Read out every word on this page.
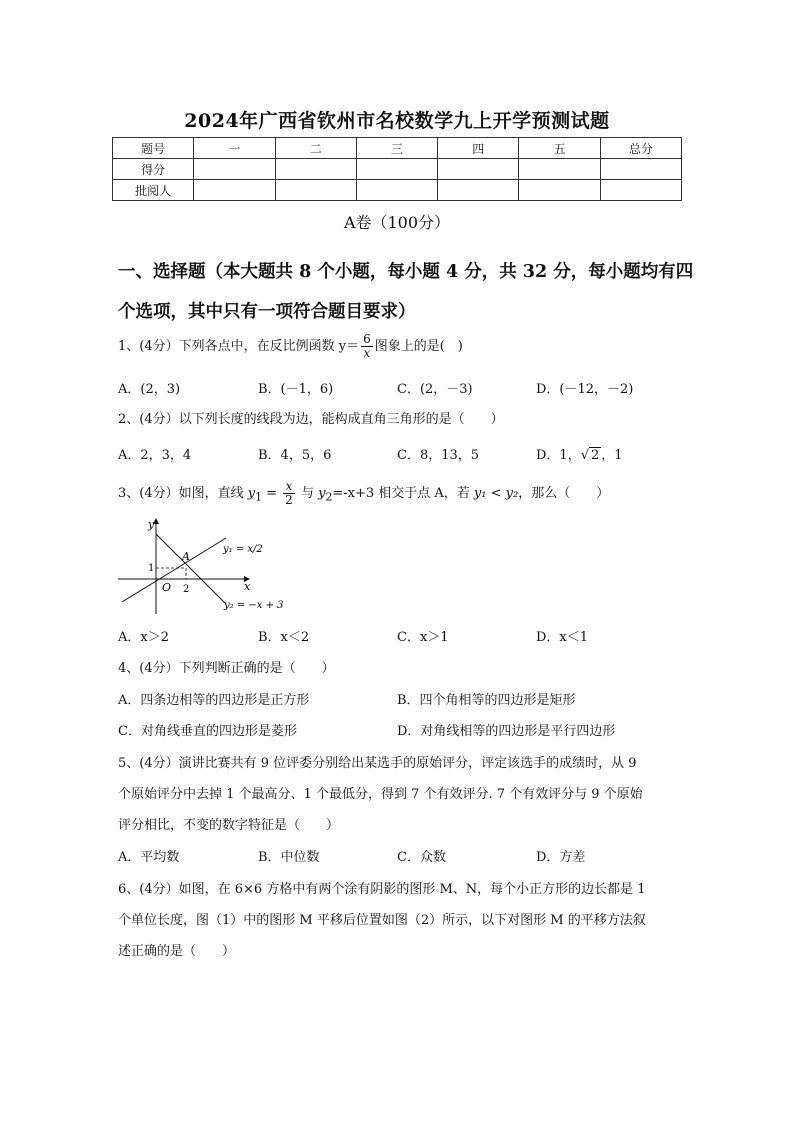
2024年广西省钦州市名校数学九上开学预测试题
题号	一	二	三	四	五	总分
得分						
批阅人						
A卷（100分）
一、选择题（本大题共 8 个小题，每小题 4 分，共 32 分，每小题均有四个选项，其中只有一项符合题目要求）
1、(4分）下列各点中，在反比例函数 $y= \frac{6}{x}$ 图象上的是(　)
A．(2，3)	B．(－1，6)	C．(2，－3)	D．(－12，－2)
2、(4分）以下列长度的线段为边，能构成直角三角形的是（　　）
A．2，3，4	B．4，5，6	C．8，13，5	D．1，√ 2 ，1
3、(4分）如图，直线 $y_1 = \frac{x}{2}$ 与 $y_2=-x+3$ 相交于点 A，若 y₁ < y₂，那么（　　）
y
x
O
A
1
2
y₁ = x/2
y₂ = −x + 3
A．x＞2	B．x＜2	C．x＞1	D．x＜1
4、(4分）下列判断正确的是（　　）
A．四条边相等的四边形是正方形	B．四个角相等的四边形是矩形
C．对角线垂直的四边形是菱形	D．对角线相等的四边形是平行四边形
5、(4分）演讲比赛共有 9 位评委分别给出某选手的原始评分，评定该选手的成绩时，从 9
个原始评分中去掉 1 个最高分、1 个最低分，得到 7 个有效评分. 7 个有效评分与 9 个原始
评分相比，不变的数字特征是（　　）
A．平均数	B．中位数	C．众数	D．方差
6、(4分）如图，在 6×6 方格中有两个涂有阴影的图形 M、N，每个小正方形的边长都是 1
个单位长度，图（1）中的图形 M 平移后位置如图（2）所示，以下对图形 M 的平移方法叙
述正确的是（　　）
